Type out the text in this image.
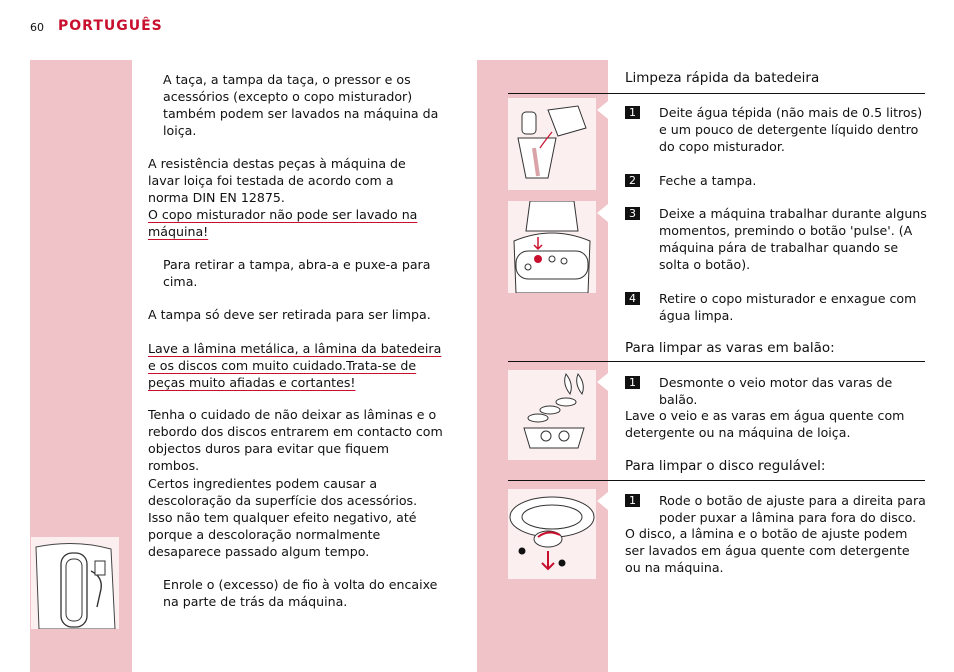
60 PORTUGUÊS
A taça, a tampa da taça, o pressor e os acessórios (excepto o copo misturador) também podem ser lavados na máquina da loiça.
A resistência destas peças à máquina de lavar loiça foi testada de acordo com a norma DIN EN 12875.
O copo misturador não pode ser lavado na máquina!
Para retirar a tampa, abra-a e puxe-a para cima.
A tampa só deve ser retirada para ser limpa.
Lave a lâmina metálica, a lâmina da batedeira e os discos com muito cuidado.Trata-se de peças muito afiadas e cortantes!
Tenha o cuidado de não deixar as lâminas e o rebordo dos discos entrarem em contacto com objectos duros para evitar que fiquem rombos.
Certos ingredientes podem causar a descoloração da superfície dos acessórios. Isso não tem qualquer efeito negativo, até porque a descoloração normalmente desaparece passado algum tempo.
Enrole o (excesso) de fio à volta do encaixe na parte de trás da máquina.
Limpeza rápida da batedeira
1	Deite água tépida (não mais de 0.5 litros) e um pouco de detergente líquido dentro do copo misturador.
2	Feche a tampa.
3	Deixe a máquina trabalhar durante alguns momentos, premindo o botão 'pulse'. (A máquina pára de trabalhar quando se solta o botão).
4	Retire o copo misturador e enxague com água limpa.
Para limpar as varas em balão:
1	Desmonte o veio motor das varas de balão.
Lave o veio e as varas em água quente com detergente ou na máquina de loiça.
Para limpar o disco regulável:
1	Rode o botão de ajuste para a direita para poder puxar a lâmina para fora do disco.
O disco, a lâmina e o botão de ajuste podem ser lavados em água quente com detergente ou na máquina.
